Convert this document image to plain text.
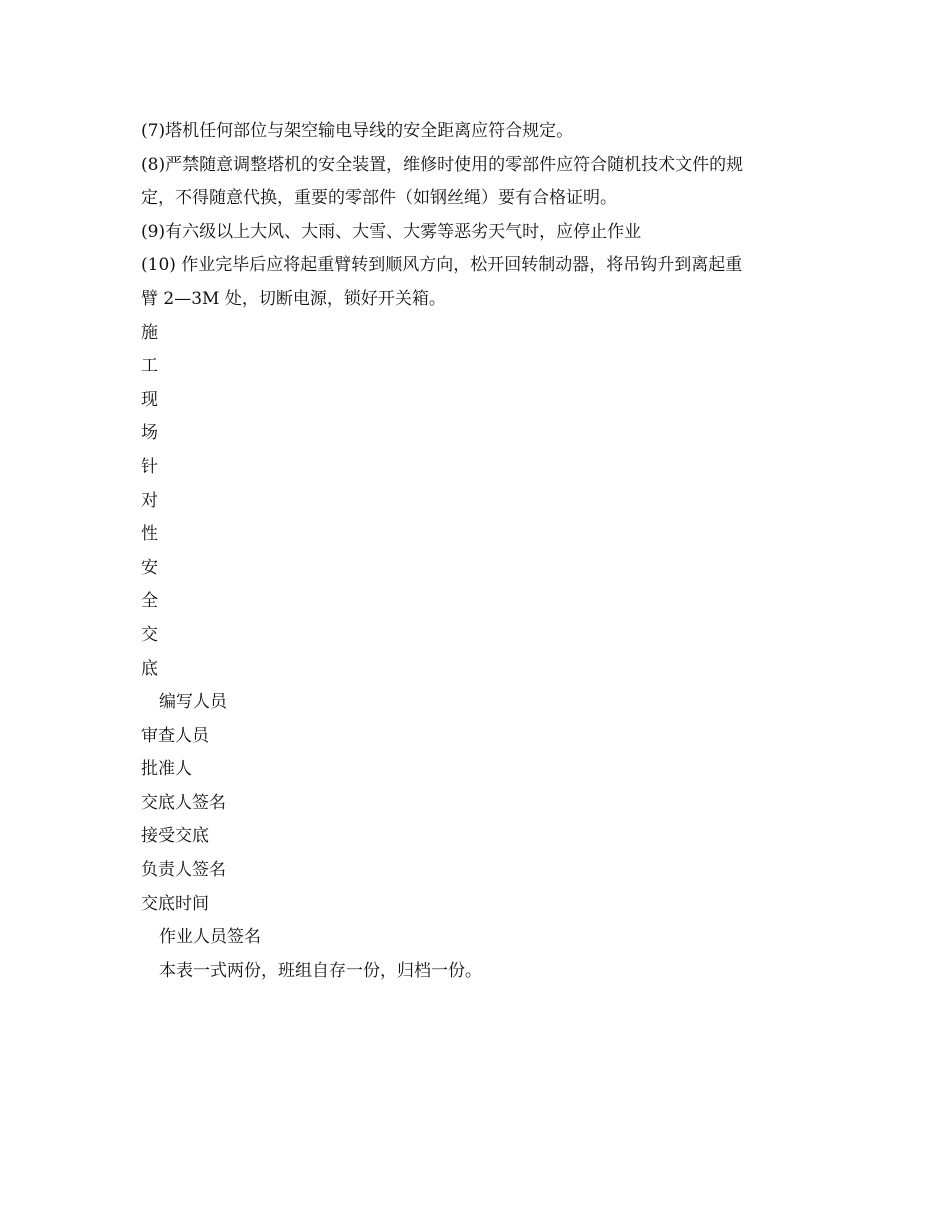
(7)塔机任何部位与架空输电导线的安全距离应符合规定。

(8)严禁随意调整塔机的安全装置，维修时使用的零部件应符合随机技术文件的规

定，不得随意代换，重要的零部件（如钢丝绳）要有合格证明。

(9)有六级以上大风、大雨、大雪、大雾等恶劣天气时，应停止作业

(10) 作业完毕后应将起重臂转到顺风方向，松开回转制动器，将吊钩升到离起重

臂 2—3M 处，切断电源，锁好开关箱。

施

工

现

场

针

对

性

安

全

交

底

编写人员

审查人员

批准人

交底人签名

接受交底

负责人签名

交底时间

作业人员签名

本表一式两份，班组自存一份，归档一份。
